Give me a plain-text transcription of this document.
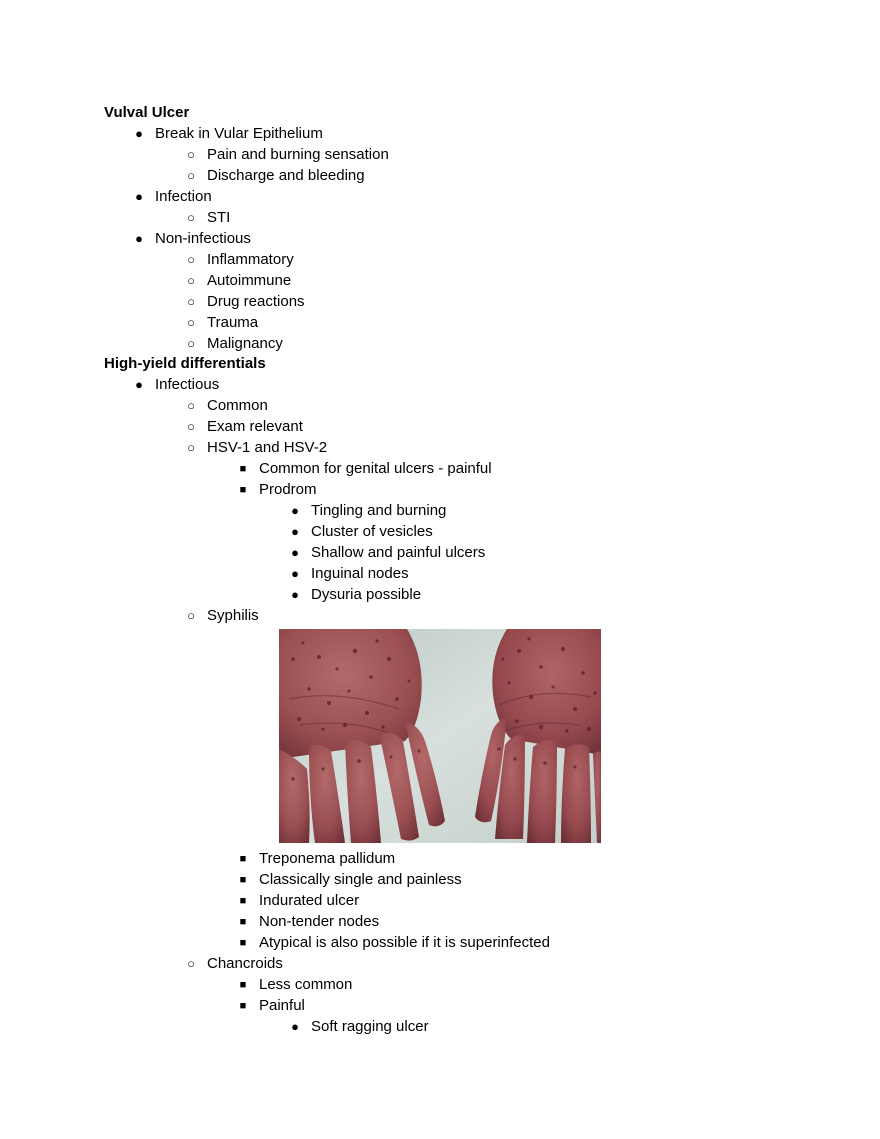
Vulval Ulcer
● Break in Vular Epithelium
○ Pain and burning sensation
○ Discharge and bleeding
● Infection
○ STI
● Non-infectious
○ Inflammatory
○ Autoimmune
○ Drug reactions
○ Trauma
○ Malignancy
High-yield differentials
● Infectious
○ Common
○ Exam relevant
○ HSV-1 and HSV-2
■ Common for genital ulcers - painful
■ Prodrom
● Tingling and burning
● Cluster of vesicles
● Shallow and painful ulcers
● Inguinal nodes
● Dysuria possible
○ Syphilis
■ Treponema pallidum
■ Classically single and painless
■ Indurated ulcer
■ Non-tender nodes
■ Atypical is also possible if it is superinfected
○ Chancroids
■ Less common
■ Painful
● Soft ragging ulcer
